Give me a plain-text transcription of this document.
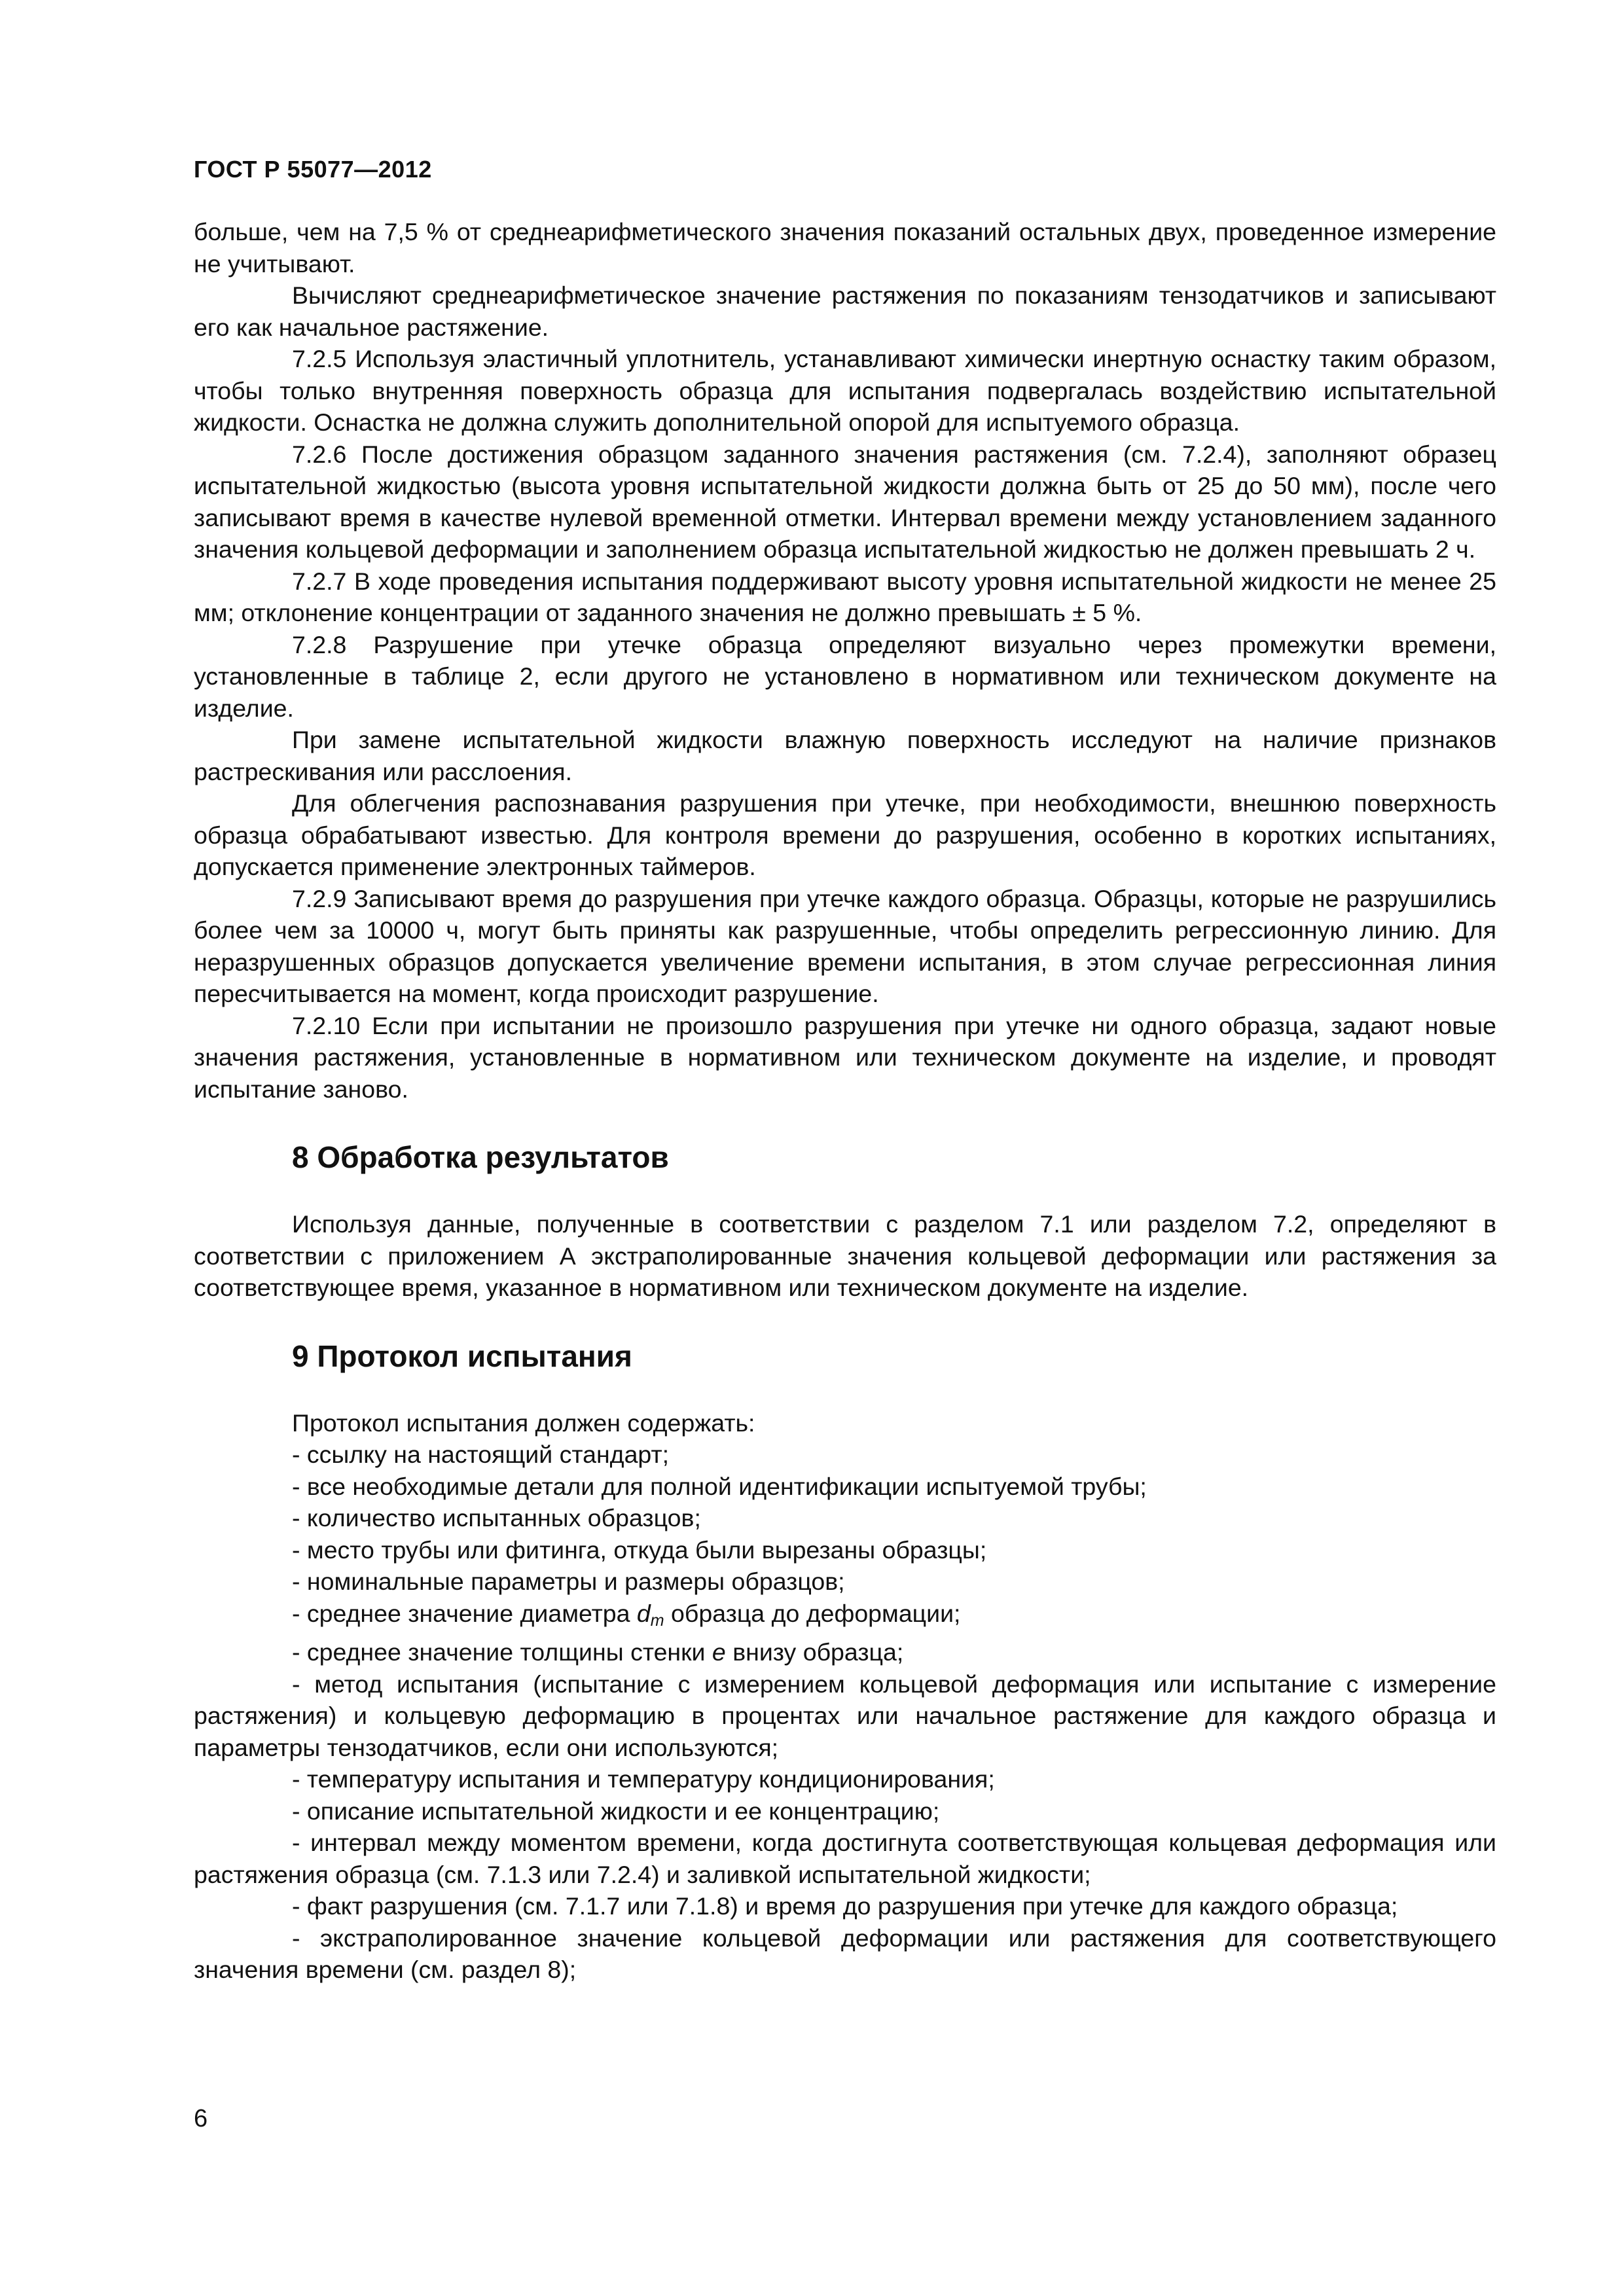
ГОСТ Р 55077—2012

больше, чем на 7,5 % от среднеарифметического значения показаний остальных двух, проведенное измерение не учитывают.

Вычисляют среднеарифметическое значение растяжения по показаниям тензодатчиков и записывают его как начальное растяжение.

7.2.5 Используя эластичный уплотнитель, устанавливают химически инертную оснастку таким образом, чтобы только внутренняя поверхность образца для испытания подвергалась воздействию испытательной жидкости. Оснастка не должна служить дополнительной опорой для испытуемого образца.

7.2.6 После достижения образцом заданного значения растяжения (см. 7.2.4), заполняют образец испытательной жидкостью (высота уровня испытательной жидкости должна быть от 25 до 50 мм), после чего записывают время в качестве нулевой временной отметки. Интервал времени между установлением заданного значения кольцевой деформации и заполнением образца испытательной жидкостью не должен превышать 2 ч.

7.2.7 В ходе проведения испытания поддерживают высоту уровня испытательной жидкости не менее 25 мм; отклонение концентрации от заданного значения не должно превышать ± 5 %.

7.2.8 Разрушение при утечке образца определяют визуально через промежутки времени, установленные в таблице 2, если другого не установлено в нормативном или техническом документе на изделие.

При замене испытательной жидкости влажную поверхность исследуют на наличие признаков растрескивания или расслоения.

Для облегчения распознавания разрушения при утечке, при необходимости, внешнюю поверхность образца обрабатывают известью. Для контроля времени до разрушения, особенно в коротких испытаниях, допускается применение электронных таймеров.

7.2.9 Записывают время до разрушения при утечке каждого образца. Образцы, которые не разрушились более чем за 10000 ч, могут быть приняты как разрушенные, чтобы определить регрессионную линию. Для неразрушенных образцов допускается увеличение времени испытания, в этом случае регрессионная линия пересчитывается на момент, когда происходит разрушение.

7.2.10 Если при испытании не произошло разрушения при утечке ни одного образца, задают новые значения растяжения, установленные в нормативном или техническом документе на изделие, и проводят испытание заново.

8 Обработка результатов

Используя данные, полученные в соответствии с разделом 7.1 или разделом 7.2, определяют в соответствии с приложением А экстраполированные значения кольцевой деформации или растяжения за соответствующее время, указанное в нормативном или техническом документе на изделие.

9 Протокол испытания

Протокол испытания должен содержать:

- ссылку на настоящий стандарт;

- все необходимые детали для полной идентификации испытуемой трубы;

- количество испытанных образцов;

- место трубы или фитинга, откуда были вырезаны образцы;

- номинальные параметры и размеры образцов;

- среднее значение диаметра $d_m$ образца до деформации;

- среднее значение толщины стенки e внизу образца;

- метод испытания (испытание с измерением кольцевой деформация или испытание с измерение растяжения) и кольцевую деформацию в процентах или начальное растяжение для каждого образца и параметры тензодатчиков, если они используются;

- температуру испытания и температуру кондиционирования;

- описание испытательной жидкости и ее концентрацию;

- интервал между моментом времени, когда достигнута соответствующая кольцевая деформация или растяжения образца (см. 7.1.3 или 7.2.4) и заливкой испытательной жидкости;

- факт разрушения (см. 7.1.7 или 7.1.8) и время до разрушения при утечке для каждого образца;

- экстраполированное значение кольцевой деформации или растяжения для соответствующего значения времени (см. раздел 8);

6
